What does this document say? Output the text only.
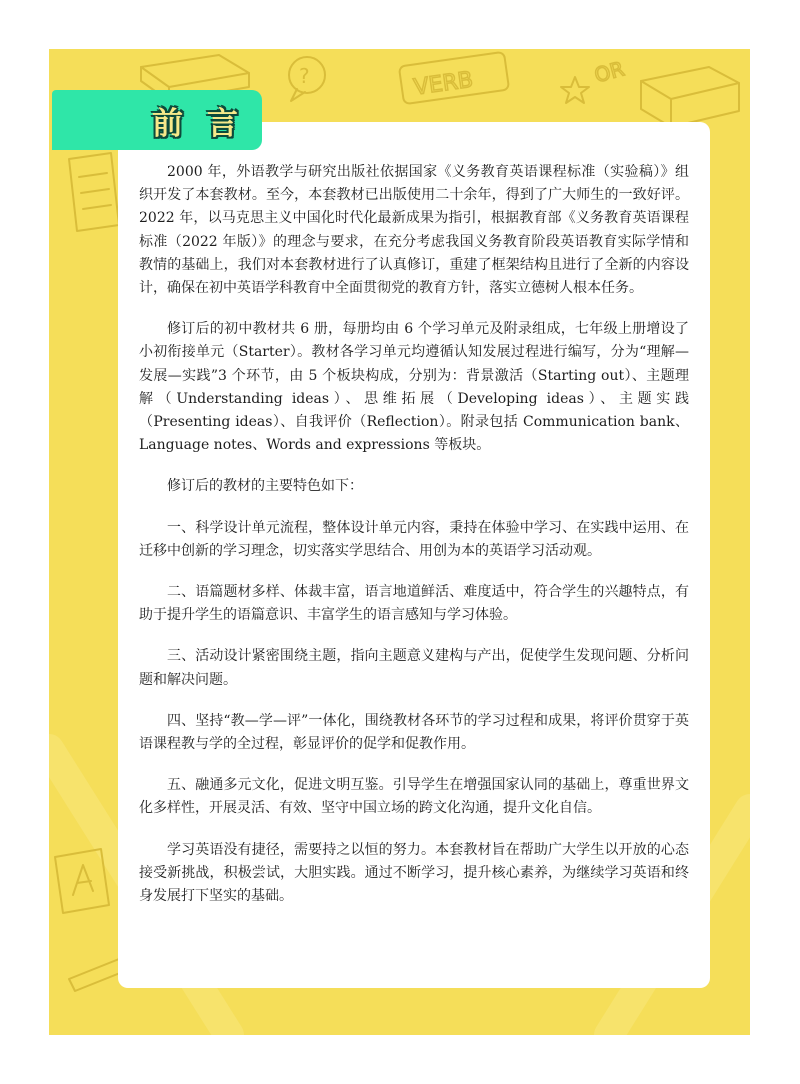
VERB	OR
?
A
前言

2000 年，外语教学与研究出版社依据国家《义务教育英语课程标准（实验稿）》组织开发了本套教材。至今，本套教材已出版使用二十余年，得到了广大师生的一致好评。2022 年，以马克思主义中国化时代化最新成果为指引，根据教育部《义务教育英语课程标准（2022 年版）》的理念与要求，在充分考虑我国义务教育阶段英语教育实际学情和教情的基础上，我们对本套教材进行了认真修订，重建了框架结构且进行了全新的内容设计，确保在初中英语学科教育中全面贯彻党的教育方针，落实立德树人根本任务。

修订后的初中教材共 6 册，每册均由 6 个学习单元及附录组成，七年级上册增设了小初衔接单元（Starter）。教材各学习单元均遵循认知发展过程进行编写，分为“理解—发展—实践”3 个环节，由 5 个板块构成，分别为：背景激活（Starting out）、主题理解（Understanding ideas）、思维拓展（Developing ideas）、主题实践（Presenting ideas）、自我评价（Reflection）。附录包括 Communication bank、Language notes、Words and expressions 等板块。

修订后的教材的主要特色如下：

一、科学设计单元流程，整体设计单元内容，秉持在体验中学习、在实践中运用、在迁移中创新的学习理念，切实落实学思结合、用创为本的英语学习活动观。

二、语篇题材多样、体裁丰富，语言地道鲜活、难度适中，符合学生的兴趣特点，有助于提升学生的语篇意识、丰富学生的语言感知与学习体验。

三、活动设计紧密围绕主题，指向主题意义建构与产出，促使学生发现问题、分析问题和解决问题。

四、坚持“教—学—评”一体化，围绕教材各环节的学习过程和成果，将评价贯穿于英语课程教与学的全过程，彰显评价的促学和促教作用。

五、融通多元文化，促进文明互鉴。引导学生在增强国家认同的基础上，尊重世界文化多样性，开展灵活、有效、坚守中国立场的跨文化沟通，提升文化自信。

学习英语没有捷径，需要持之以恒的努力。本套教材旨在帮助广大学生以开放的心态接受新挑战，积极尝试，大胆实践。通过不断学习，提升核心素养，为继续学习英语和终身发展打下坚实的基础。
